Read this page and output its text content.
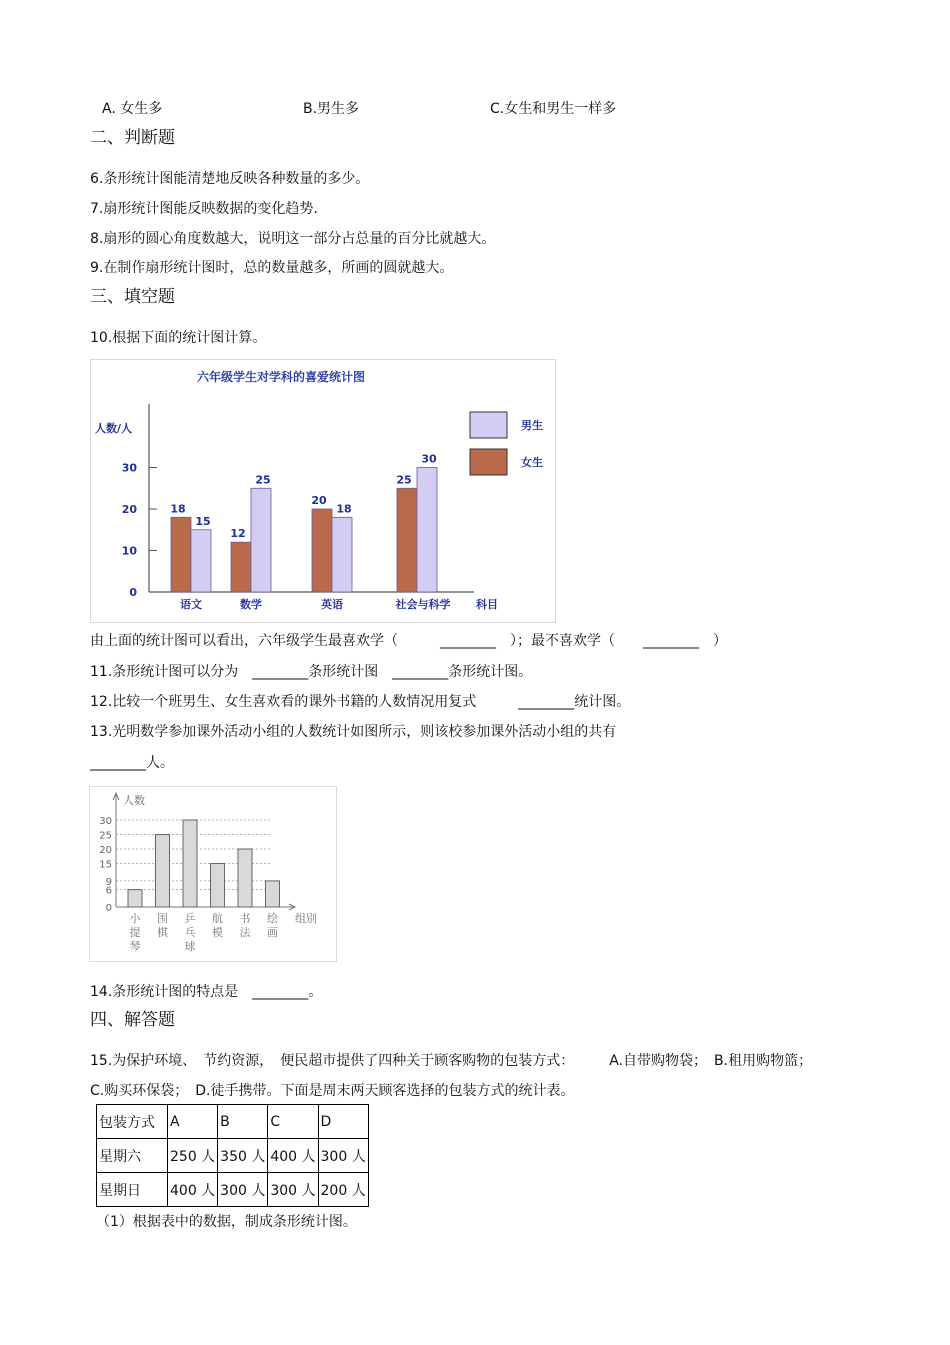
A. 女生多	B.男生多	C.女生和男生一样多
二、判断题
6.条形统计图能清楚地反映各种数量的多少。
7.扇形统计图能反映数据的变化趋势.
8.扇形的圆心角度数越大，说明这一部分占总量的百分比就越大。
9.在制作扇形统计图时，总的数量越多，所画的圆就越大。
三、填空题
10.根据下面的统计图计算。
六年级学生对学科的喜爱统计图
人数/人
0
10
20
30
18
15
语文
12
25
数学
20
18
英语
25
30
社会与科学 科目
男生
女生
由上面的统计图可以看出，六年级学生最喜欢学（　　　________　）；最不喜欢学（　　________　）
11.条形统计图可以分为　________条形统计图　________条形统计图。
12.比较一个班男生、女生喜欢看的课外书籍的人数情况用复式　　　________统计图。
13.光明数学参加课外活动小组的人数统计如图所示，则该校参加课外活动小组的共有
________人。
人数
0
6
9
15
20
25
30
小
提
琴
围
棋
乒
乓
球
航
模
书
法
绘
画
组别
14.条形统计图的特点是　________。
四、解答题
15.为保护环境、　节约资源，　便民超市提供了四种关于顾客购物的包装方式：　　　A.自带购物袋；　B.租用购物篮；
C.购买环保袋；　D.徒手携带。下面是周末两天顾客选择的包装方式的统计表。
包装方式	A	B	C	D
星期六	250 人	350 人	400 人	300 人
星期日	400 人	300 人	300 人	200 人
（1）根据表中的数据，制成条形统计图。
